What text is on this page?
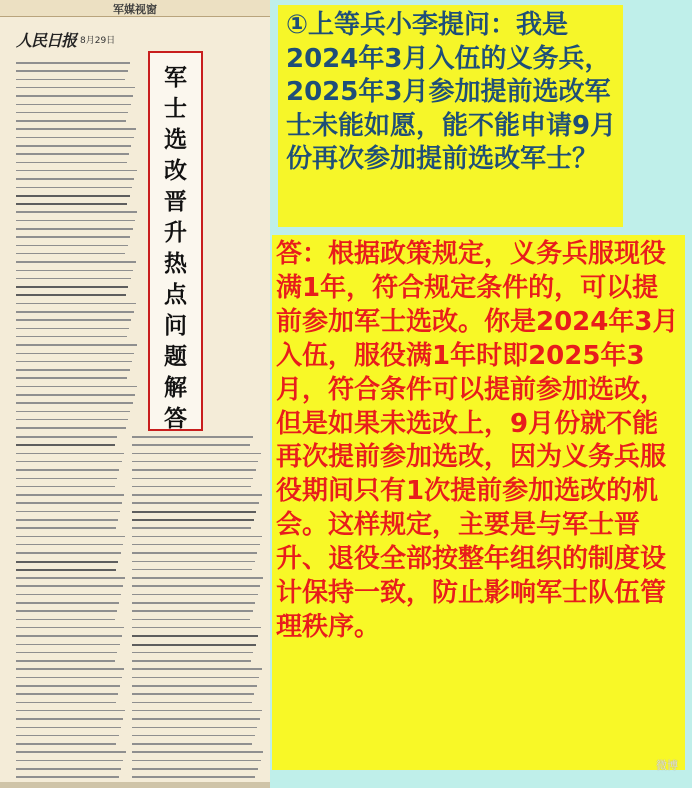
军媒视窗
人民日报 8月29日
军
士
选
改
晋
升
热
点
问
题
解
答
①上等兵小李提问：我是2024年3月入伍的义务兵，2025年3月参加提前选改军士未能如愿，能不能申请9月份再次参加提前选改军士？
答：根据政策规定，义务兵服现役满1年，符合规定条件的，可以提前参加军士选改。你是2024年3月入伍，服役满1年时即2025年3月，符合条件可以提前参加选改，但是如果未选改上，9月份就不能再次提前参加选改，因为义务兵服役期间只有1次提前参加选改的机会。这样规定，主要是与军士晋升、退役全部按整年组织的制度设计保持一致，防止影响军士队伍管理秩序。
微博
